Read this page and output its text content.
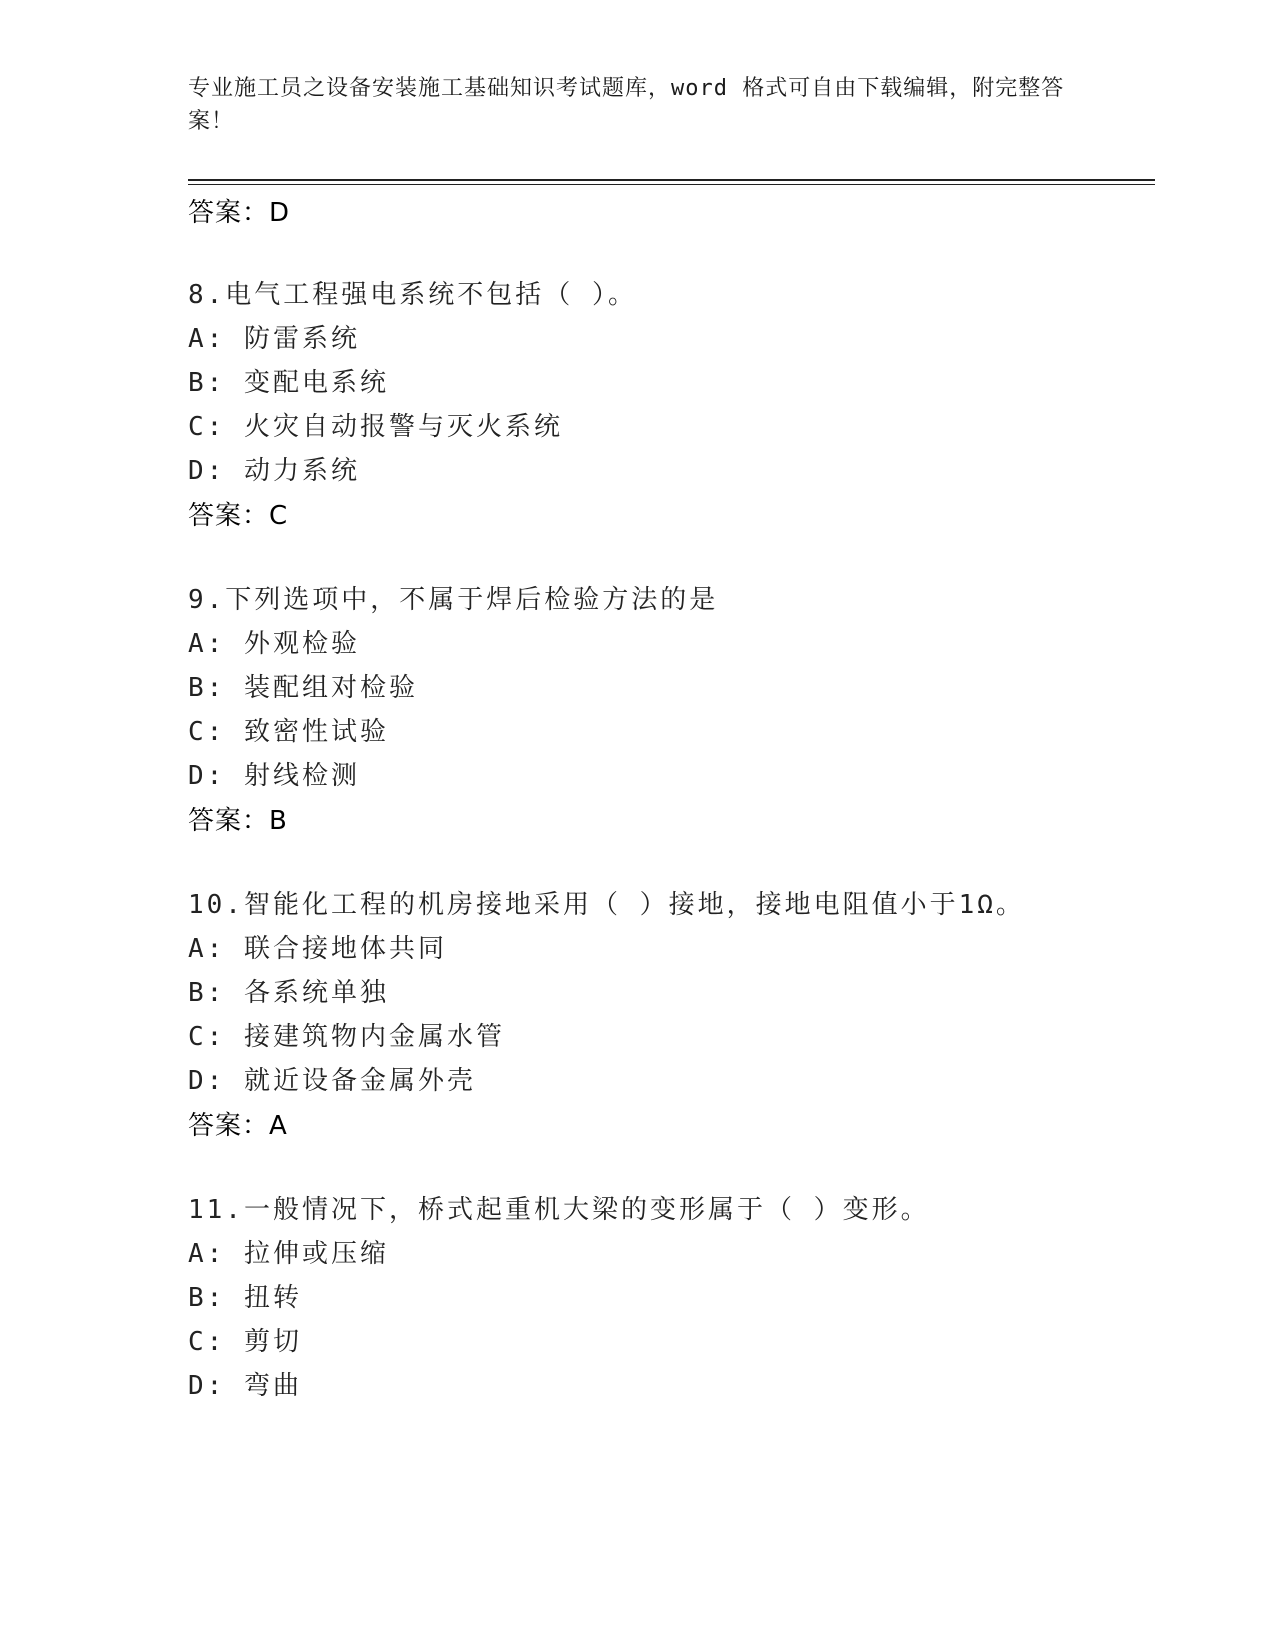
专业施工员之设备安装施工基础知识考试题库，word 格式可自由下载编辑，附完整答案！
答案：D
8.电气工程强电系统不包括（ ）。
A: 防雷系统
B: 变配电系统
C: 火灾自动报警与灭火系统
D: 动力系统
答案：C
9.下列选项中，不属于焊后检验方法的是
A: 外观检验
B: 装配组对检验
C: 致密性试验
D: 射线检测
答案：B
10.智能化工程的机房接地采用（ ）接地，接地电阻值小于1Ω。
A: 联合接地体共同
B: 各系统单独
C: 接建筑物内金属水管
D: 就近设备金属外壳
答案：A
11.一般情况下，桥式起重机大梁的变形属于（ ）变形。
A: 拉伸或压缩
B: 扭转
C: 剪切
D: 弯曲
